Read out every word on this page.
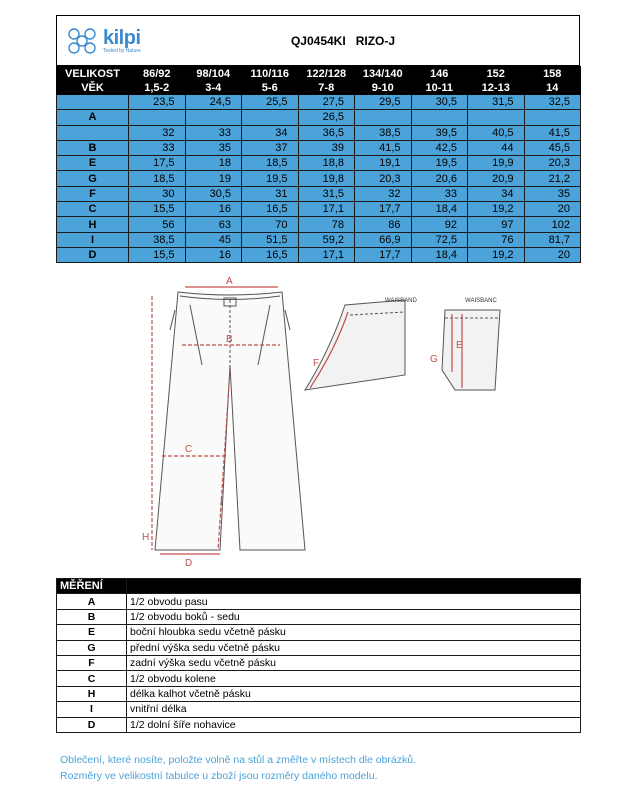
kilpi
Tested by Nature
QJ0454KI RIZO-J
VELIKOST	86/92	98/104	110/116	122/128	134/140	146	152	158
VĚK	1,5-2	3-4	5-6	7-8	9-10	10-11	12-13	14
	23,5	24,5	25,5	27,5	29,5	30,5	31,5	32,5
A				26,5				
	32	33	34	36,5	38,5	39,5	40,5	41,5
B	33	35	37	39	41,5	42,5	44	45,5
E	17,5	18	18,5	18,8	19,1	19,5	19,9	20,3
G	18,5	19	19,5	19,8	20,3	20,6	20,9	21,2
F	30	30,5	31	31,5	32	33	34	35
C	15,5	16	16,5	17,1	17,7	18,4	19,2	20
H	56	63	70	78	86	92	97	102
I	38,5	45	51,5	59,2	66,9	72,5	76	81,7
D	15,5	16	16,5	17,1	17,7	18,4	19,2	20
A
B
C
D
H
I
F
WAISBAND
E
G
WAISBANC
MĚŘENÍ	
A	1/2 obvodu pasu
B	1/2 obvodu boků - sedu
E	boční hloubka sedu včetně pásku
G	přední výška sedu včetně pásku
F	zadní výška sedu včetně pásku
C	1/2 obvodu kolene
H	délka kalhot včetně pásku
I	vnitřní délka
D	1/2 dolní šíře nohavice
Oblečení, které nosíte, položte volně na stůl a změřte v místech dle obrázků.
Rozměry ve velikostní tabulce u zboží jsou rozměry daného modelu.
